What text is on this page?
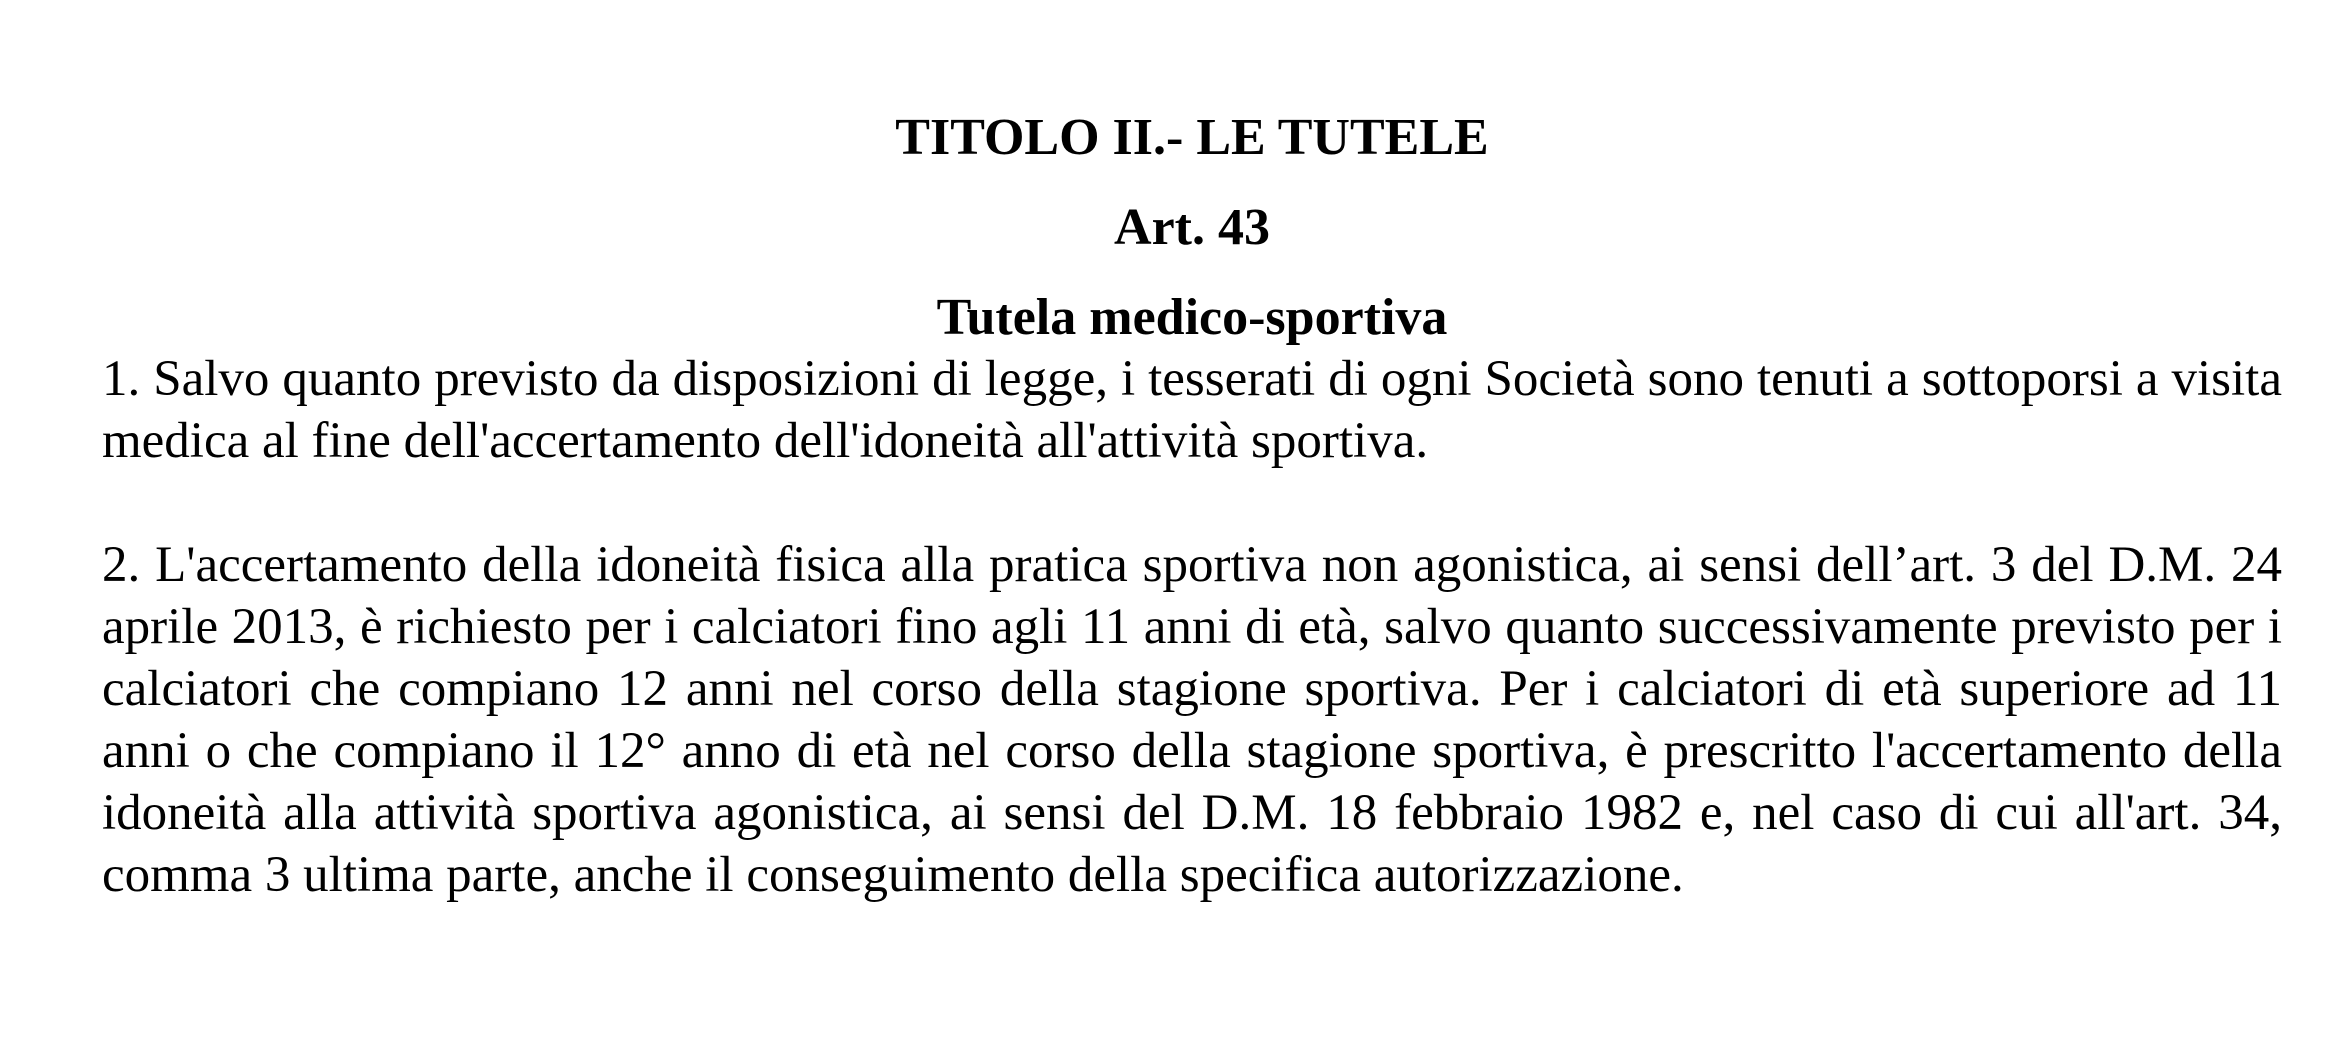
TITOLO II.- LE TUTELE
Art. 43
Tutela medico-sportiva

1. Salvo quanto previsto da disposizioni di legge, i tesserati di ogni Società sono tenuti a sottoporsi a visita medica al fine dell'accertamento dell'idoneità all'attività sportiva.

2. L'accertamento della idoneità fisica alla pratica sportiva non agonistica, ai sensi dell’art. 3 del D.M. 24 aprile 2013, è richiesto per i calciatori fino agli 11 anni di età, salvo quanto successivamente previsto per i calciatori che compiano 12 anni nel corso della stagione sportiva. Per i calciatori di età superiore ad 11 anni o che compiano il 12° anno di età nel corso della stagione sportiva, è prescritto l'accertamento della idoneità alla attività sportiva agonistica, ai sensi del D.M. 18 febbraio 1982 e, nel caso di cui all'art. 34, comma 3 ultima parte, anche il conseguimento della specifica autorizzazione.
